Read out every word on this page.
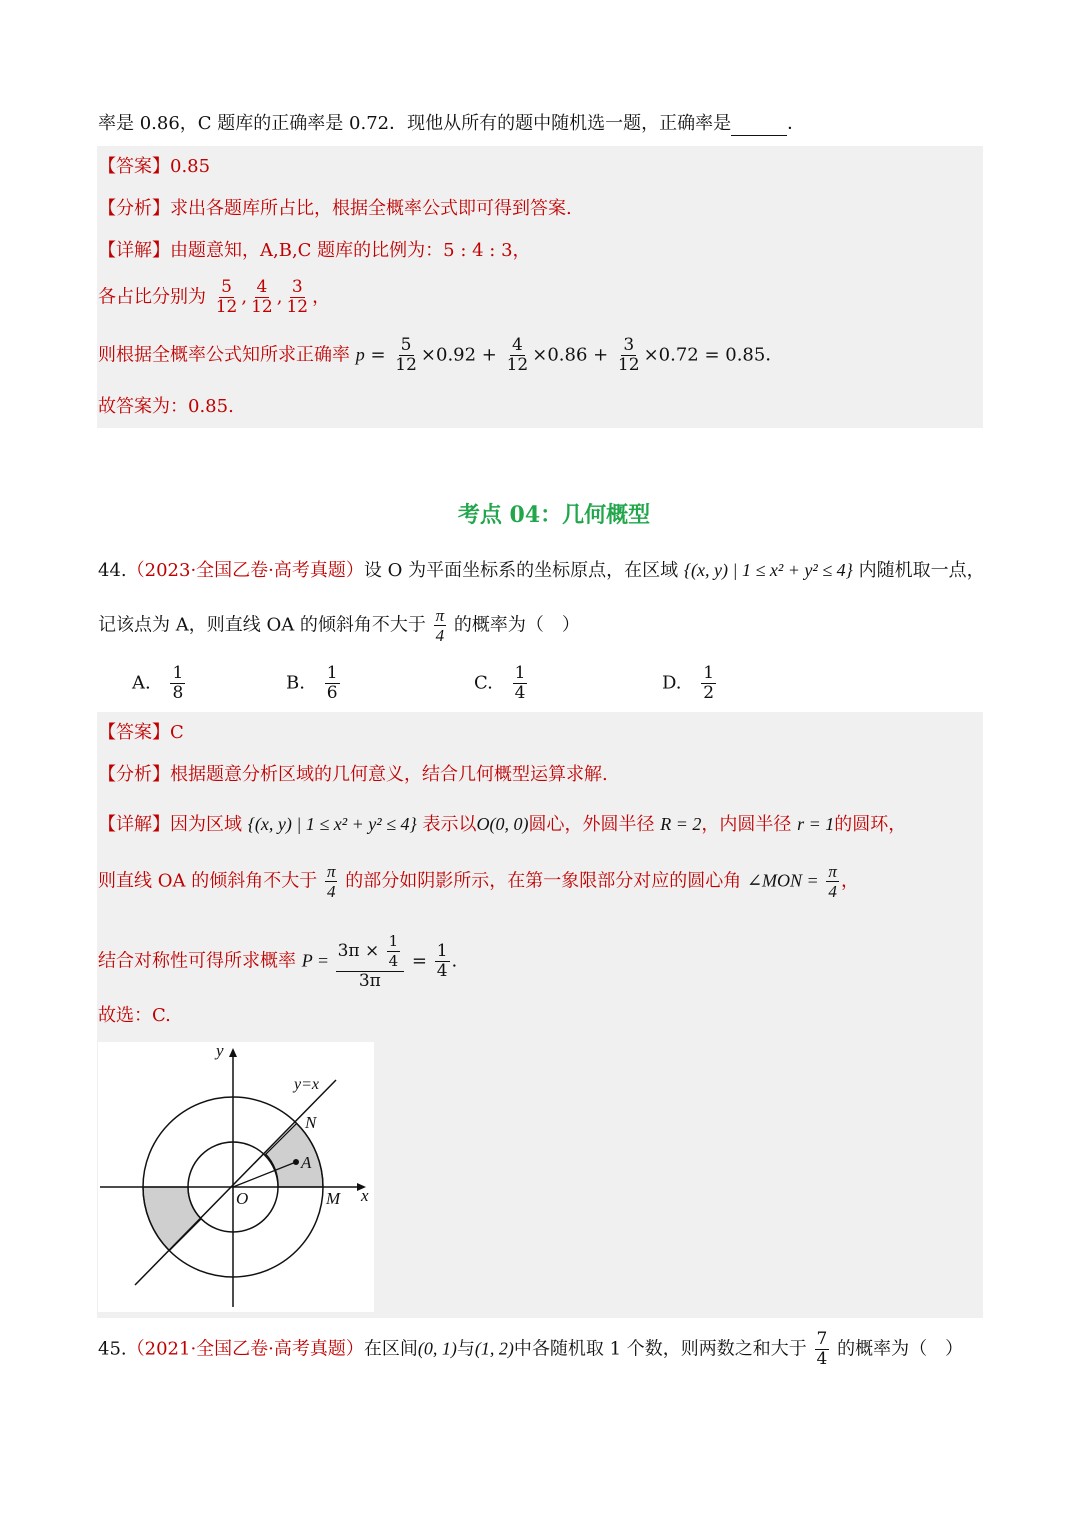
率是 0.86，C 题库的正确率是 0.72．现他从所有的题中随机选一题，正确率是	．
【答案】0.85
【分析】求出各题库所占比，根据全概率公式即可得到答案.
【详解】由题意知，A,B,C 题库的比例为：5 : 4 : 3，
各占比分别为 $\frac{5}{12}$ , $\frac{4}{12}$ , $\frac{3}{12}$ ，
则根据全概率公式知所求正确率 $p = \frac{5}{12} \times 0.92 + \frac{4}{12} \times 0.86 + \frac{3}{12} \times 0.72 = 0.85$．
故答案为：0.85.
考点 04：几何概型
44.（2023·全国乙卷·高考真题）设 O 为平面坐标系的坐标原点，在区域 {(x, y) | 1 ≤ x² + y² ≤ 4} 内随机取一点，
记该点为 A，则直线 OA 的倾斜角不大于 $\frac{\pi}{4}$ 的概率为（　）
A. $\frac{1}{8}$	B. $\frac{1}{6}$	C. $\frac{1}{4}$	D. $\frac{1}{2}$
【答案】C
【分析】根据题意分析区域的几何意义，结合几何概型运算求解.
【详解】因为区域 {(x, y) | 1 ≤ x² + y² ≤ 4} 表示以O(0, 0)圆心，外圆半径 R = 2，内圆半径 r = 1的圆环，
则直线 OA 的倾斜角不大于 $\frac{\pi}{4}$ 的部分如阴影所示，在第一象限部分对应的圆心角 ∠MON = $\frac{\pi}{4}$ ，
结合对称性可得所求概率 $P = \frac{3\pi \times \frac{1}{4}}{3\pi} = \frac{1}{4}$ .
故选：C.
y
x
y=x
N
A
O	M
45.（2021·全国乙卷·高考真题）在区间(0, 1)与(1, 2)中各随机取 1 个数，则两数之和大于 $\frac{7}{4}$ 的概率为（　）
